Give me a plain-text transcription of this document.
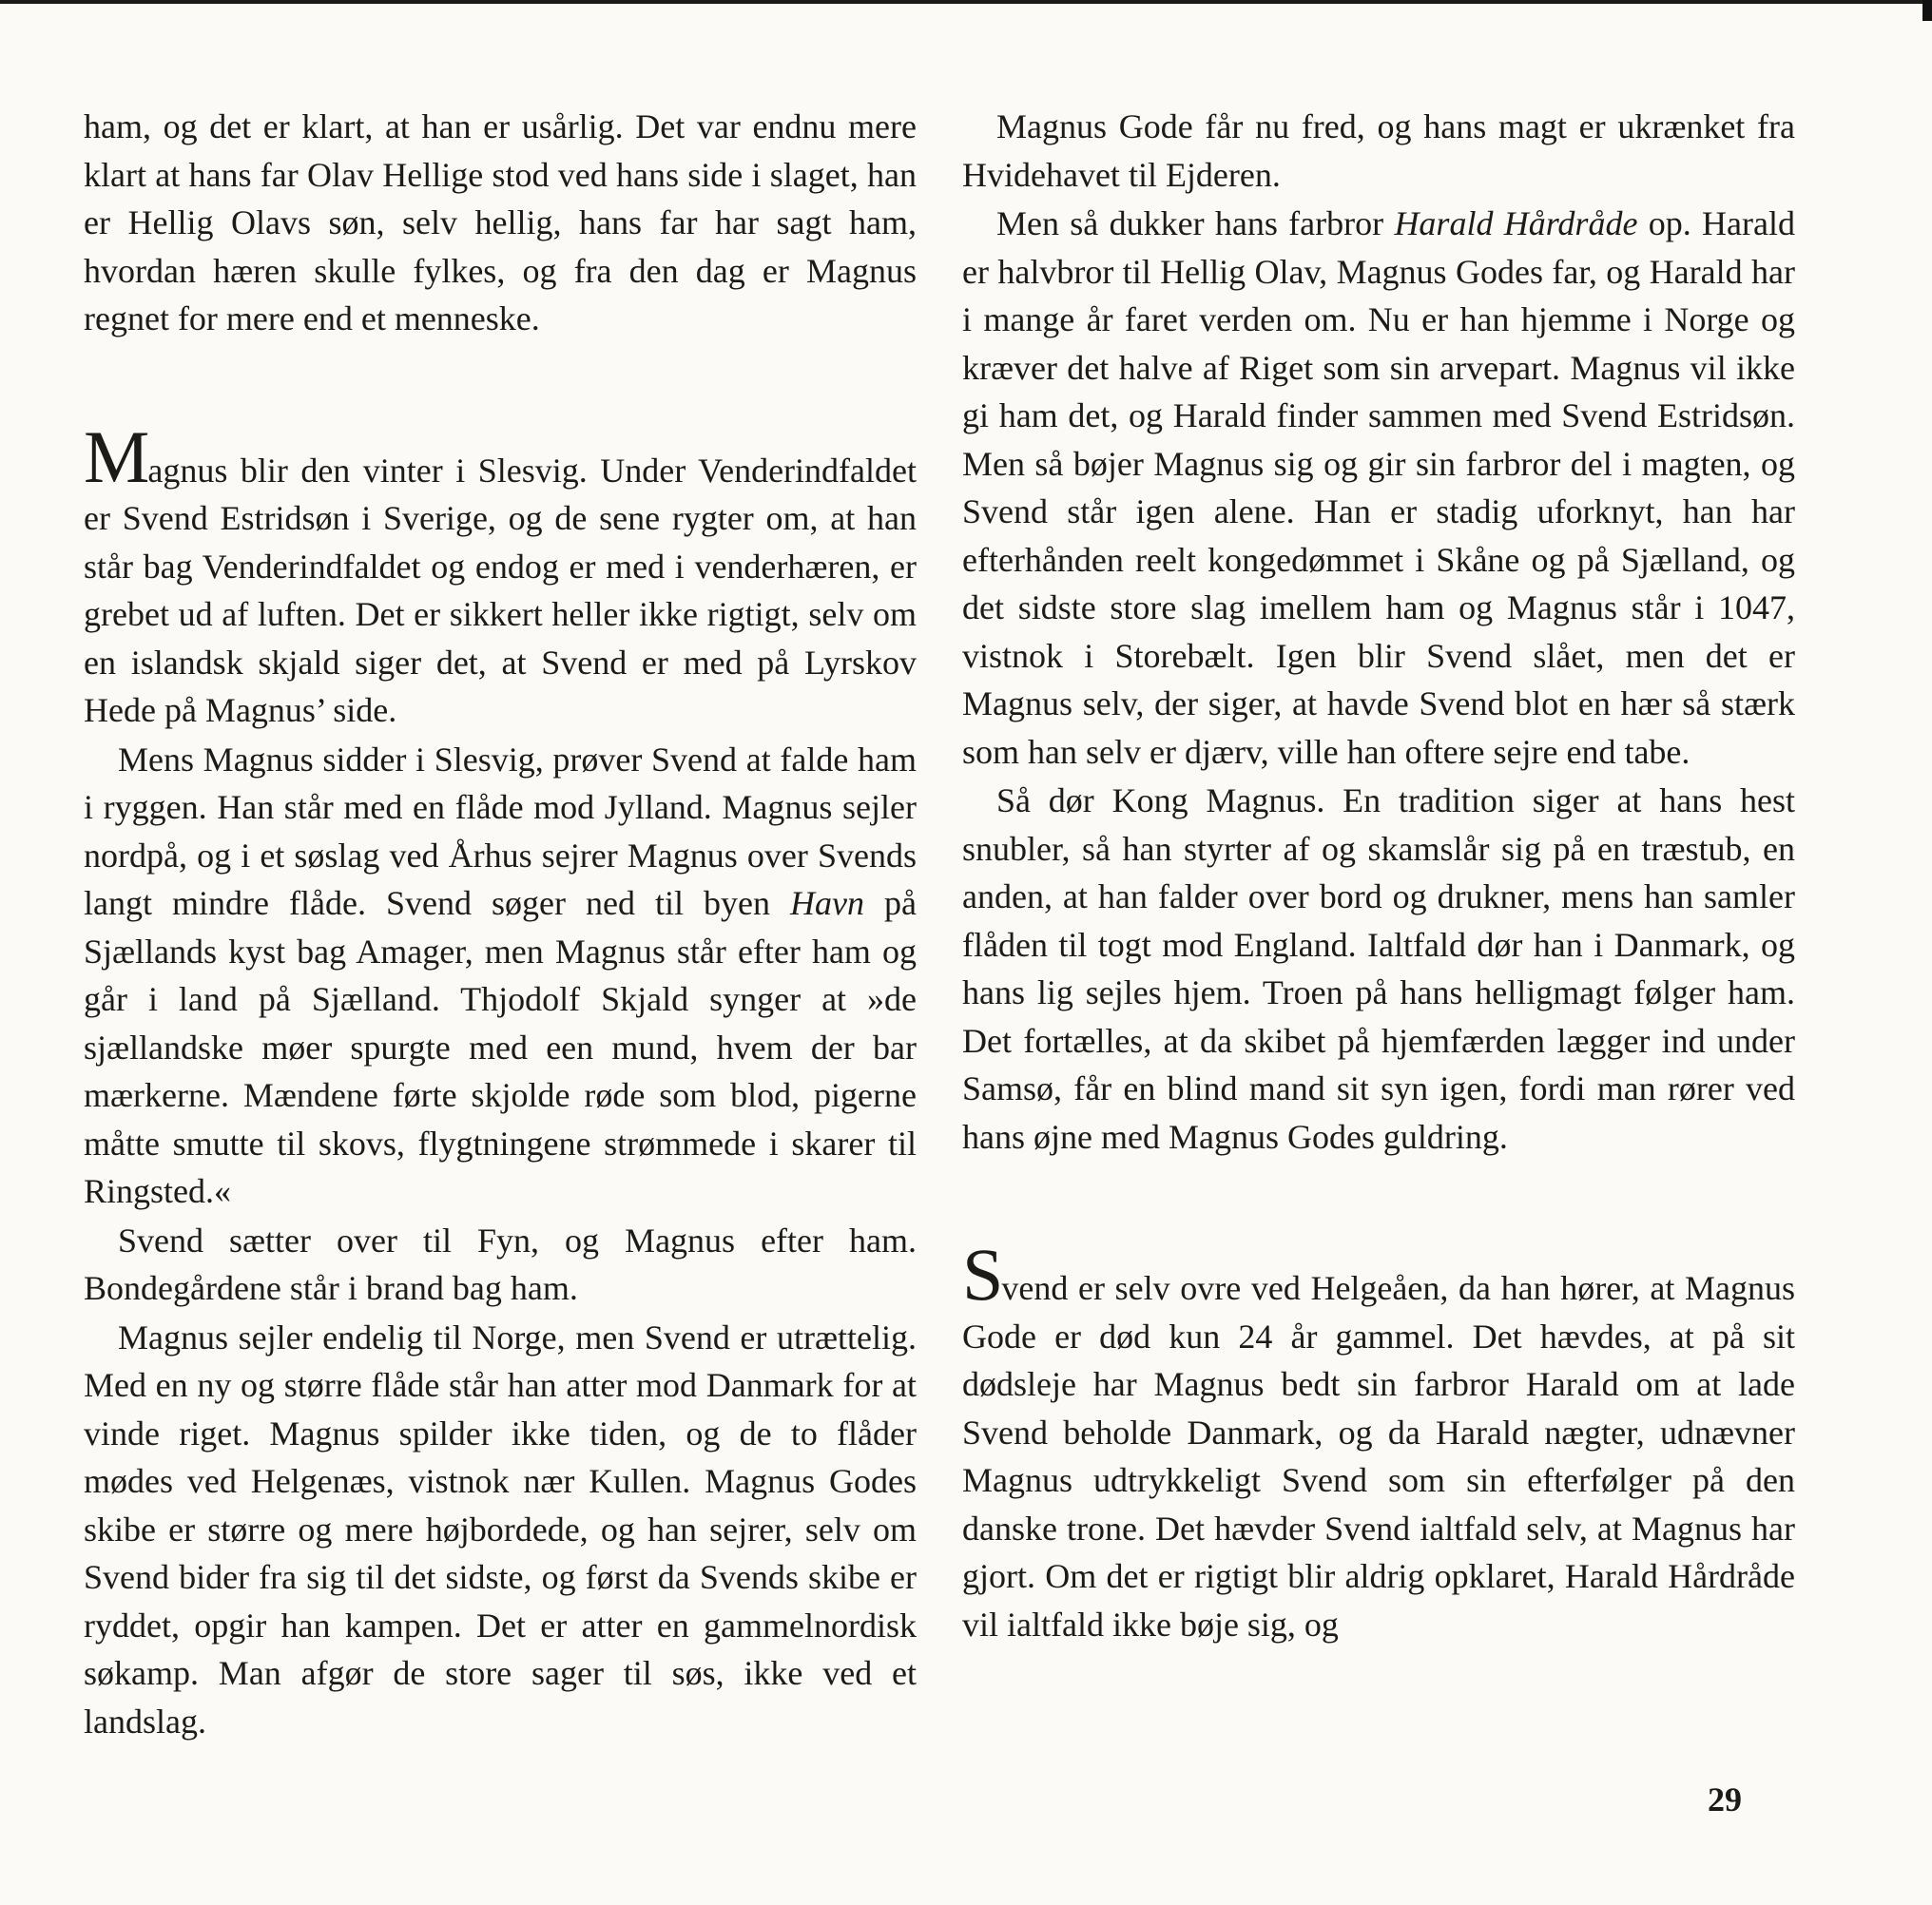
ham, og det er klart, at han er usårlig. Det var endnu mere klart at hans far Olav Hellige stod ved hans side i slaget, han er Hellig Olavs søn, selv hellig, hans far har sagt ham, hvordan hæren skulle fylkes, og fra den dag er Magnus regnet for mere end et menneske.

Magnus blir den vinter i Slesvig. Under Venderindfaldet er Svend Estridsøn i Sverige, og de sene rygter om, at han står bag Venderindfaldet og endog er med i venderhæren, er grebet ud af luften. Det er sikkert heller ikke rigtigt, selv om en islandsk skjald siger det, at Svend er med på Lyrskov Hede på Magnus’ side.

Mens Magnus sidder i Slesvig, prøver Svend at falde ham i ryggen. Han står med en flåde mod Jylland. Magnus sejler nordpå, og i et søslag ved Århus sejrer Magnus over Svends langt mindre flåde. Svend søger ned til byen Havn på Sjællands kyst bag Amager, men Magnus står efter ham og går i land på Sjælland. Thjodolf Skjald synger at »de sjællandske møer spurgte med een mund, hvem der bar mærkerne. Mændene førte skjolde røde som blod, pigerne måtte smutte til skovs, flygtningene strømmede i skarer til Ringsted.«

Svend sætter over til Fyn, og Magnus efter ham. Bondegårdene står i brand bag ham.

Magnus sejler endelig til Norge, men Svend er utrættelig. Med en ny og større flåde står han atter mod Danmark for at vinde riget. Magnus spilder ikke tiden, og de to flåder mødes ved Helgenæs, vistnok nær Kullen. Magnus Godes skibe er større og mere højbordede, og han sejrer, selv om Svend bider fra sig til det sidste, og først da Svends skibe er ryddet, opgir han kampen. Det er atter en gammelnordisk søkamp. Man afgør de store sager til søs, ikke ved et landslag.

Magnus Gode får nu fred, og hans magt er ukrænket fra Hvidehavet til Ejderen.

Men så dukker hans farbror Harald Hårdråde op. Harald er halvbror til Hellig Olav, Magnus Godes far, og Harald har i mange år faret verden om. Nu er han hjemme i Norge og kræver det halve af Riget som sin arvepart. Magnus vil ikke gi ham det, og Harald finder sammen med Svend Estridsøn. Men så bøjer Magnus sig og gir sin farbror del i magten, og Svend står igen alene. Han er stadig uforknyt, han har efterhånden reelt kongedømmet i Skåne og på Sjælland, og det sidste store slag imellem ham og Magnus står i 1047, vistnok i Storebælt. Igen blir Svend slået, men det er Magnus selv, der siger, at havde Svend blot en hær så stærk som han selv er djærv, ville han oftere sejre end tabe.

Så dør Kong Magnus. En tradition siger at hans hest snubler, så han styrter af og skamslår sig på en træstub, en anden, at han falder over bord og drukner, mens han samler flåden til togt mod England. Ialtfald dør han i Danmark, og hans lig sejles hjem. Troen på hans helligmagt følger ham. Det fortælles, at da skibet på hjemfærden lægger ind under Samsø, får en blind mand sit syn igen, fordi man rører ved hans øjne med Magnus Godes guldring.

Svend er selv ovre ved Helgeåen, da han hører, at Magnus Gode er død kun 24 år gammel. Det hævdes, at på sit dødsleje har Magnus bedt sin farbror Harald om at lade Svend beholde Danmark, og da Harald nægter, udnævner Magnus udtrykkeligt Svend som sin efterfølger på den danske trone. Det hævder Svend ialtfald selv, at Magnus har gjort. Om det er rigtigt blir aldrig opklaret, Harald Hårdråde vil ialtfald ikke bøje sig, og

29
